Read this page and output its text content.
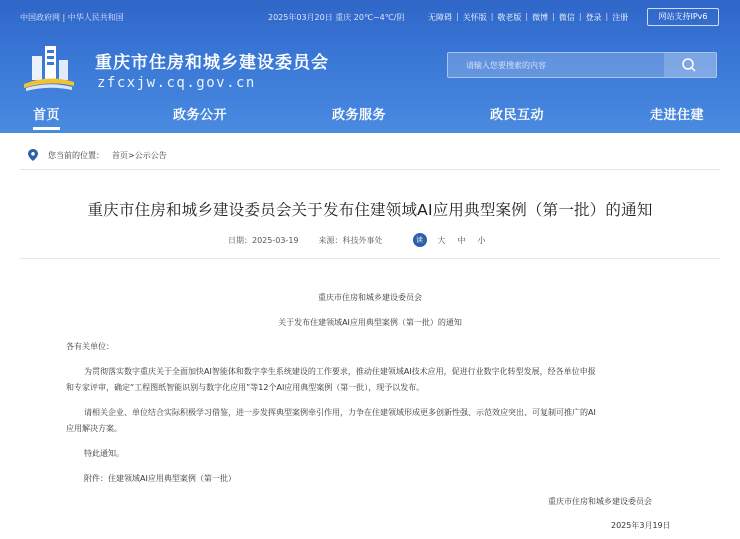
中国政府网 | 中华人民共和国	2025年03月20日 重庆 20℃~4℃/阴	无障碍 | 关怀版 | 敬老版 | 微博 | 微信 | 登录 | 注册	网站支持IPv6
重庆市住房和城乡建设委员会
zfcxjw.cq.gov.cn
请输入您要搜索的内容
首页	政务公开	政务服务	政民互动	走进住建
您当前的位置： 首页>公示公告
重庆市住房和城乡建设委员会关于发布住建领域AI应用典型案例（第一批）的通知
日期： 2025-03-19	来源： 科技外事处	读	大 中 小
重庆市住房和城乡建设委员会
关于发布住建领域AI应用典型案例（第一批）的通知
各有关单位：
为贯彻落实数字重庆关于全面加快AI智能体和数字孪生系统建设的工作要求，推动住建领域AI技术应用，促进行业数字化转型发展，经各单位申报
和专家评审，确定“工程图纸智能识别与数字化应用”等12个AI应用典型案例（第一批），现予以发布。
请相关企业、单位结合实际积极学习借鉴，进一步发挥典型案例牵引作用，力争在住建领域形成更多创新性强、示范效应突出、可复制可推广的AI
应用解决方案。
特此通知。
附件：住建领域AI应用典型案例（第一批）
重庆市住房和城乡建设委员会
2025年3月19日
